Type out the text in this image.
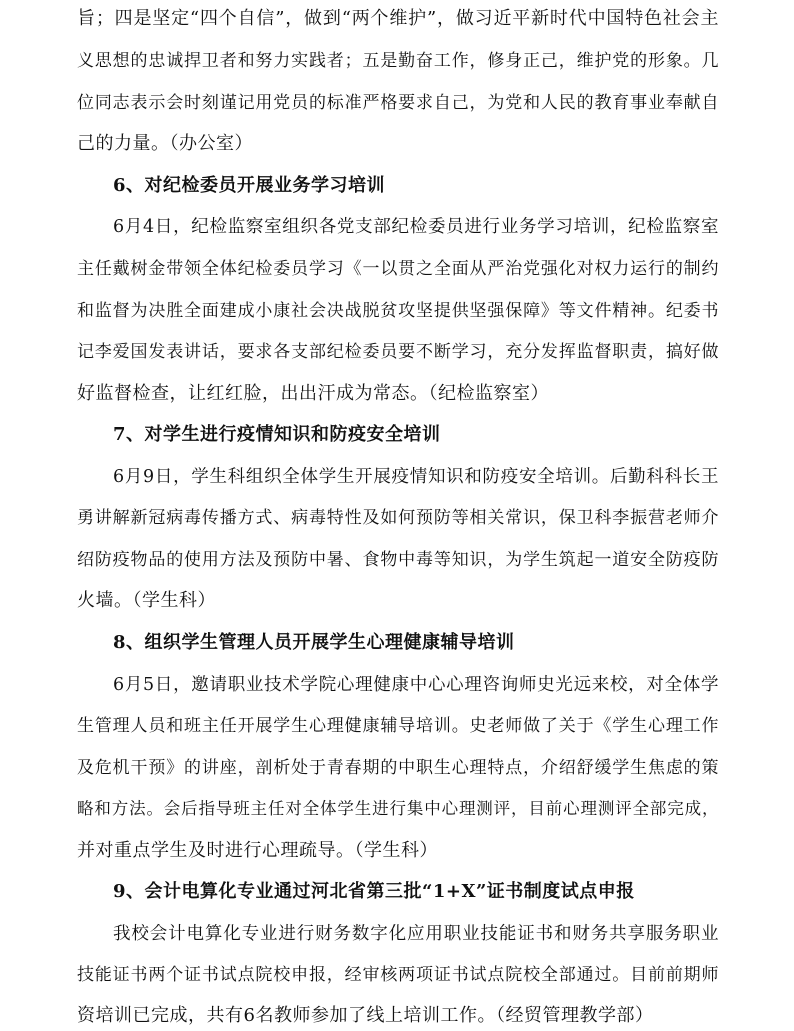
旨；四是坚定“四个自信”，做到“两个维护”，做习近平新时代中国特色社会主
义思想的忠诚捍卫者和努力实践者；五是勤奋工作，修身正己，维护党的形象。几
位同志表示会时刻谨记用党员的标准严格要求自己，为党和人民的教育事业奉献自
己的力量。（办公室）
6、对纪检委员开展业务学习培训
6月4日，纪检监察室组织各党支部纪检委员进行业务学习培训，纪检监察室
主任戴树金带领全体纪检委员学习《一以贯之全面从严治党强化对权力运行的制约
和监督为决胜全面建成小康社会决战脱贫攻坚提供坚强保障》等文件精神。纪委书
记李爱国发表讲话，要求各支部纪检委员要不断学习，充分发挥监督职责，搞好做
好监督检查，让红红脸，出出汗成为常态。（纪检监察室）
7、对学生进行疫情知识和防疫安全培训
6月9日，学生科组织全体学生开展疫情知识和防疫安全培训。后勤科科长王
勇讲解新冠病毒传播方式、病毒特性及如何预防等相关常识，保卫科李振营老师介
绍防疫物品的使用方法及预防中暑、食物中毒等知识，为学生筑起一道安全防疫防
火墙。（学生科）
8、组织学生管理人员开展学生心理健康辅导培训
6月5日，邀请职业技术学院心理健康中心心理咨询师史光远来校，对全体学
生管理人员和班主任开展学生心理健康辅导培训。史老师做了关于《学生心理工作
及危机干预》的讲座，剖析处于青春期的中职生心理特点，介绍舒缓学生焦虑的策
略和方法。会后指导班主任对全体学生进行集中心理测评，目前心理测评全部完成，
并对重点学生及时进行心理疏导。（学生科）
9、会计电算化专业通过河北省第三批“1+X”证书制度试点申报
我校会计电算化专业进行财务数字化应用职业技能证书和财务共享服务职业
技能证书两个证书试点院校申报，经审核两项证书试点院校全部通过。目前前期师
资培训已完成，共有6名教师参加了线上培训工作。（经贸管理教学部）
